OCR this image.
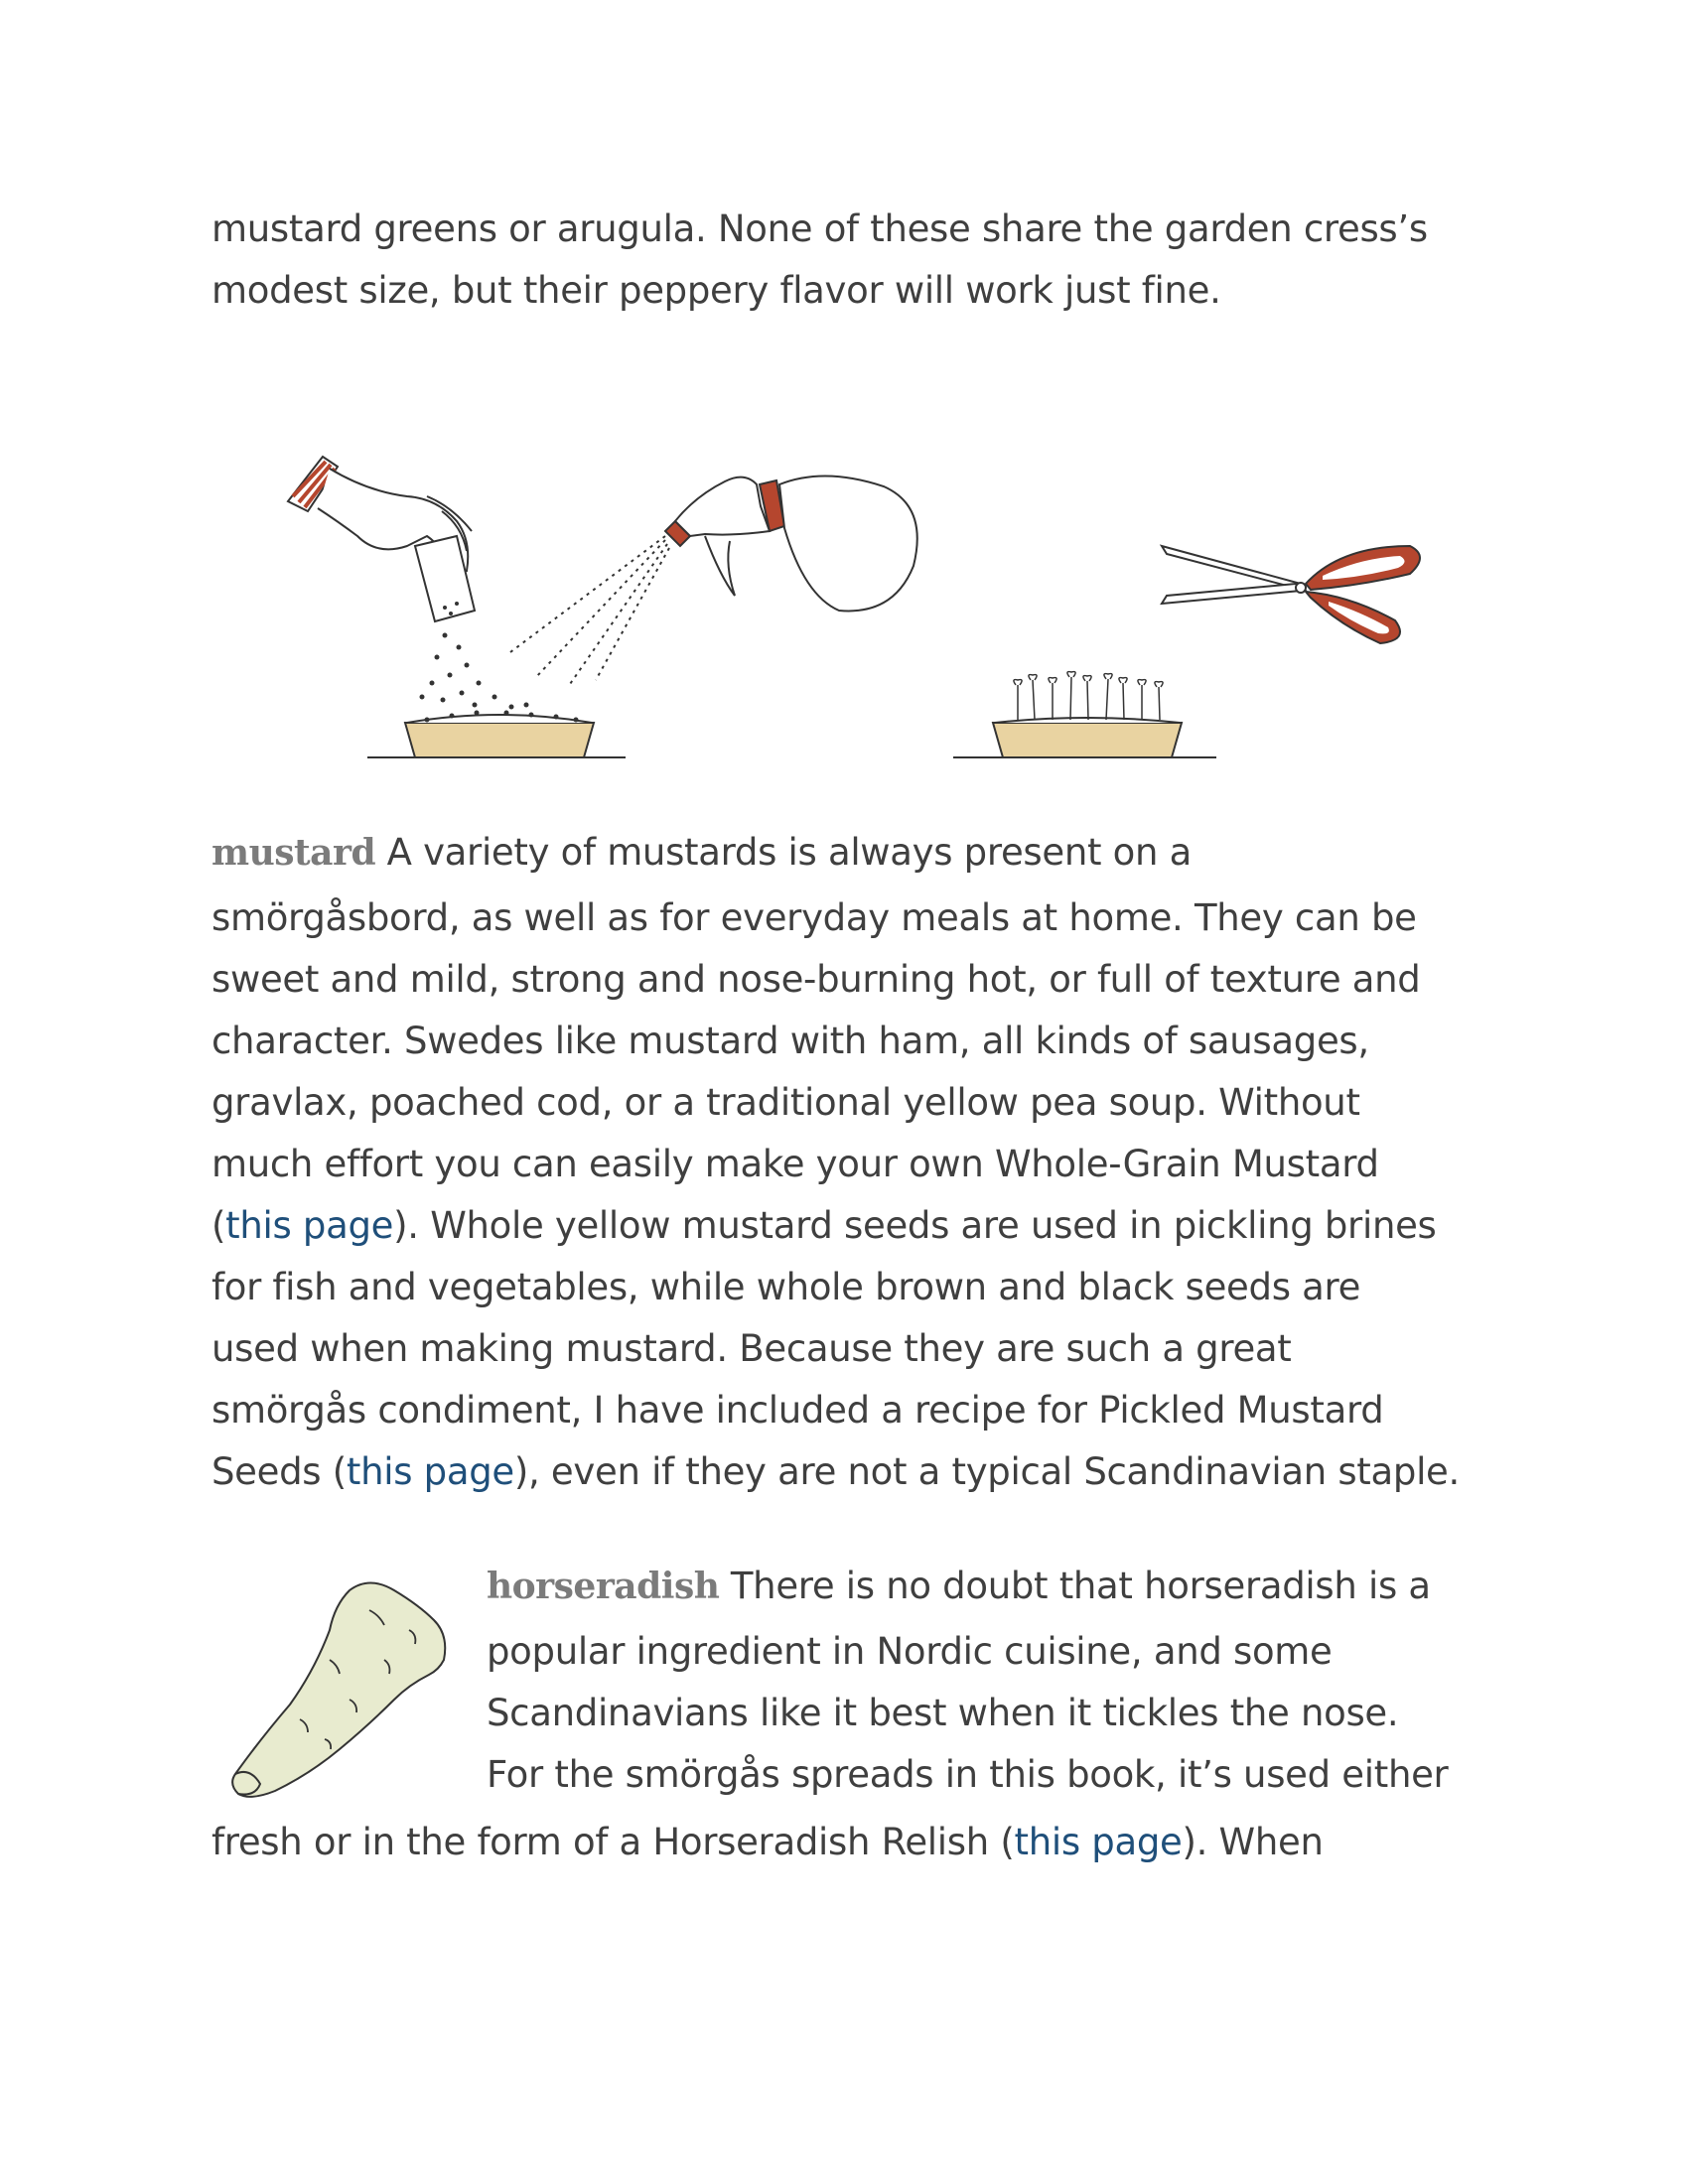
mustard greens or arugula. None of these share the garden cress’s
modest size, but their peppery flavor will work just fine.
mustard A variety of mustards is always present on a
smörgåsbord, as well as for everyday meals at home. They can be
sweet and mild, strong and nose-burning hot, or full of texture and
character. Swedes like mustard with ham, all kinds of sausages,
gravlax, poached cod, or a traditional yellow pea soup. Without
much effort you can easily make your own Whole-Grain Mustard
(this page). Whole yellow mustard seeds are used in pickling brines
for fish and vegetables, while whole brown and black seeds are
used when making mustard. Because they are such a great
smörgås condiment, I have included a recipe for Pickled Mustard
Seeds (this page), even if they are not a typical Scandinavian staple.
horseradish There is no doubt that horseradish is a
popular ingredient in Nordic cuisine, and some
Scandinavians like it best when it tickles the nose.
For the smörgås spreads in this book, it’s used either
fresh or in the form of a Horseradish Relish (this page). When
